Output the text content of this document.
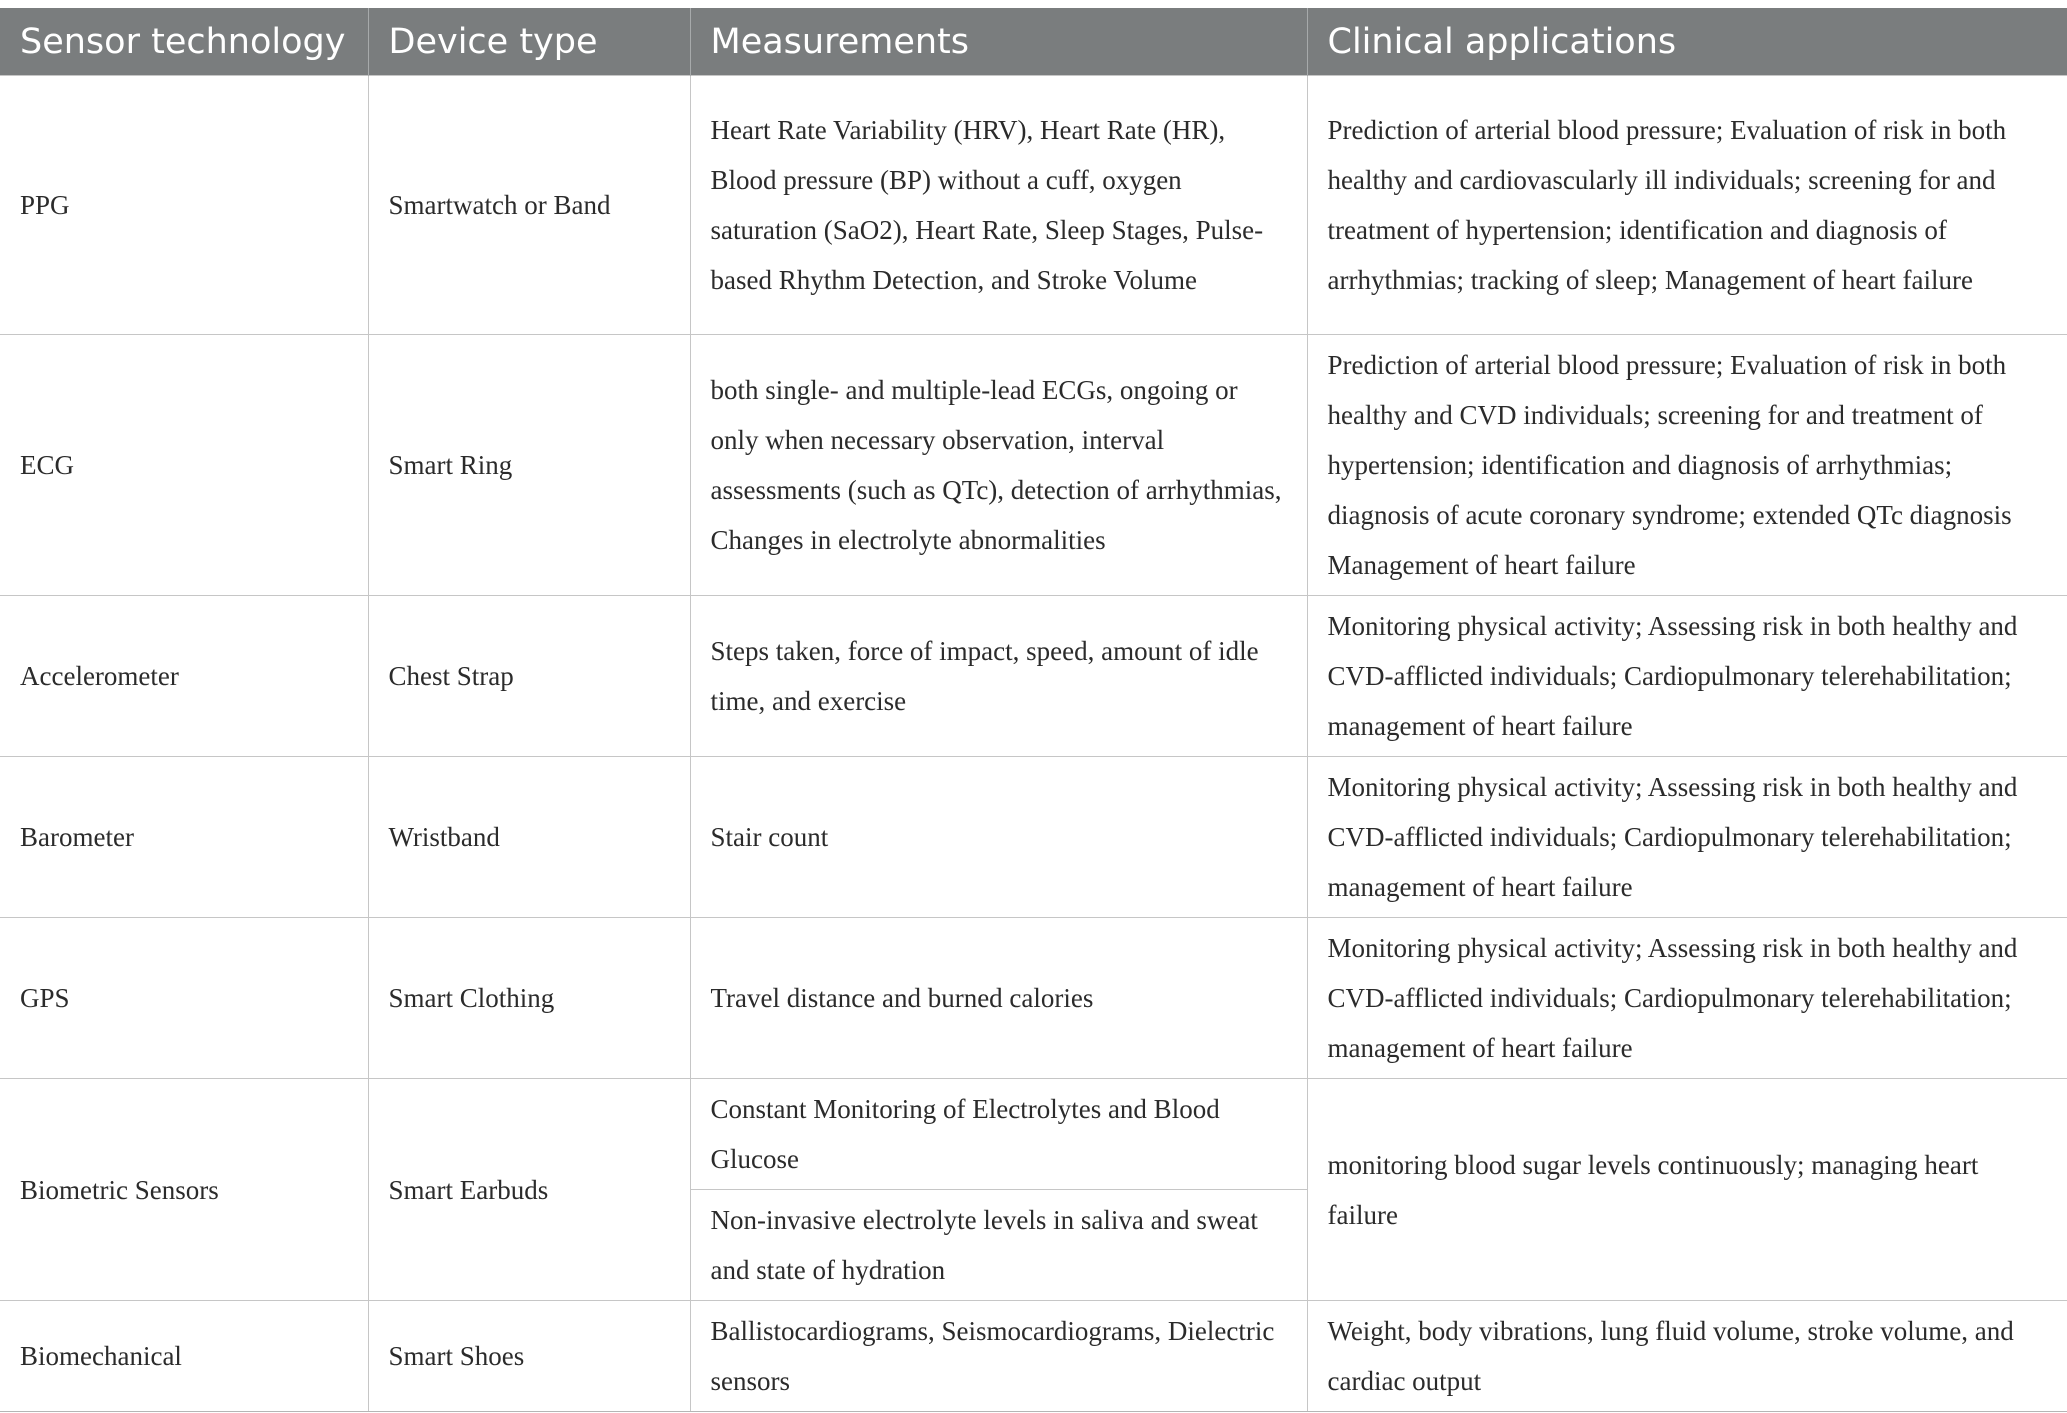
Sensor technology	Device type	Measurements	Clinical applications
PPG	Smartwatch or Band	Heart Rate Variability (HRV), Heart Rate (HR), Blood pressure (BP) without a cuff, oxygen saturation (SaO2), Heart Rate, Sleep Stages, Pulse-based Rhythm Detection, and Stroke Volume	Prediction of arterial blood pressure; Evaluation of risk in both healthy and cardiovascularly ill individuals; screening for and treatment of hypertension; identification and diagnosis of arrhythmias; tracking of sleep; Management of heart failure
ECG	Smart Ring	both single- and multiple-lead ECGs, ongoing or only when necessary observation, interval assessments (such as QTc), detection of arrhythmias, Changes in electrolyte abnormalities	Prediction of arterial blood pressure; Evaluation of risk in both healthy and CVD individuals; screening for and treatment of hypertension; identification and diagnosis of arrhythmias; diagnosis of acute coronary syndrome; extended QTc diagnosis Management of heart failure
Accelerometer	Chest Strap	Steps taken, force of impact, speed, amount of idle time, and exercise	Monitoring physical activity; Assessing risk in both healthy and CVD-afflicted individuals; Cardiopulmonary telerehabilitation; management of heart failure
Barometer	Wristband	Stair count	Monitoring physical activity; Assessing risk in both healthy and CVD-afflicted individuals; Cardiopulmonary telerehabilitation; management of heart failure
GPS	Smart Clothing	Travel distance and burned calories	Monitoring physical activity; Assessing risk in both healthy and CVD-afflicted individuals; Cardiopulmonary telerehabilitation; management of heart failure
Biometric Sensors	Smart Earbuds	Constant Monitoring of Electrolytes and Blood Glucose	monitoring blood sugar levels continuously; managing heart failure
		Non-invasive electrolyte levels in saliva and sweat and state of hydration	
Biomechanical	Smart Shoes	Ballistocardiograms, Seismocardiograms, Dielectric sensors	Weight, body vibrations, lung fluid volume, stroke volume, and cardiac output
